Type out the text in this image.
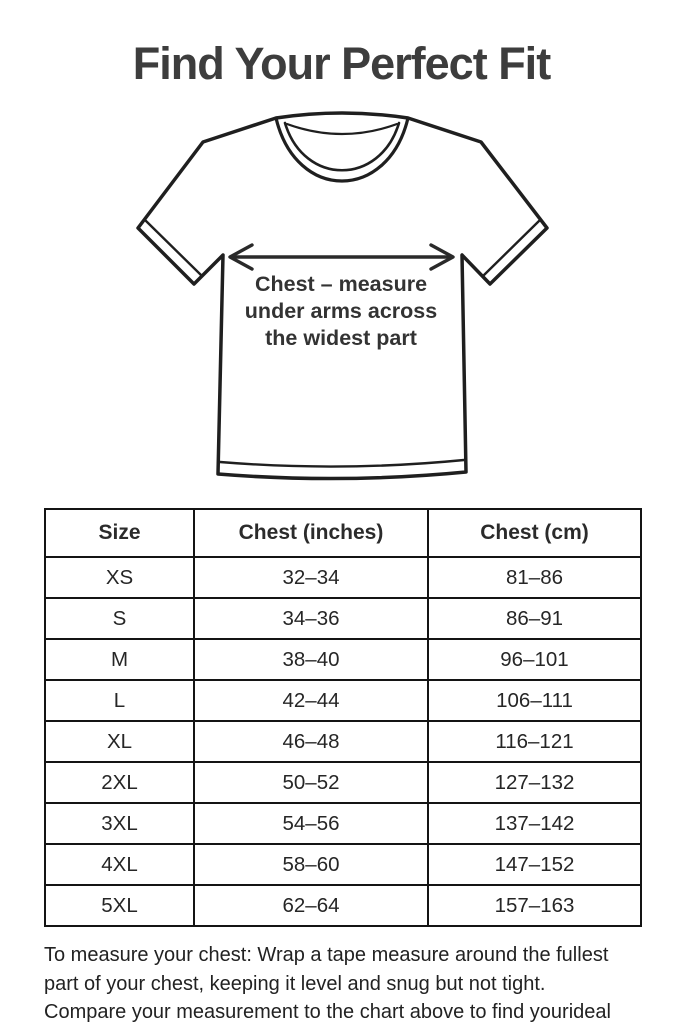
Find Your Perfect Fit
Chest – measure
under arms across
the widest part
Size	Chest (inches)	Chest (cm)
XS	32–34	81–86
S	34–36	86–91
M	38–40	96–101
L	42–44	106–111
XL	46–48	116–121
2XL	50–52	127–132
3XL	54–56	137–142
4XL	58–60	147–152
5XL	62–64	157–163
To measure your chest: Wrap a tape measure around the fullest
part of your chest, keeping it level and snug but not tight.
Compare your measurement to the chart above to find yourideal
